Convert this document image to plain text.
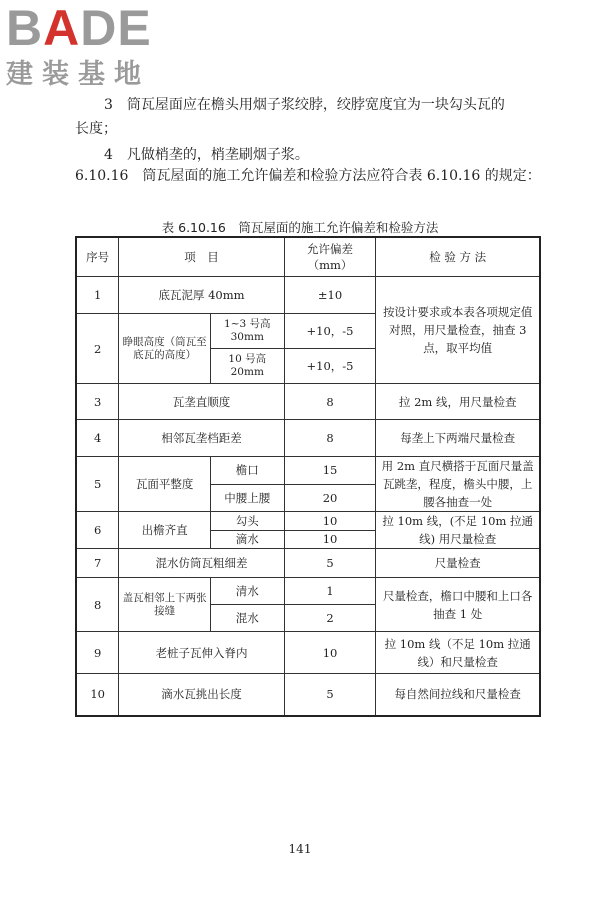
BADE
建装基地
3　筒瓦屋面应在檐头用烟子浆绞脖，绞脖宽度宜为一块勾头瓦的
长度；
4　凡做梢垄的，梢垄刷烟子浆。
6.10.16　筒瓦屋面的施工允许偏差和检验方法应符合表 6.10.16 的规定：
表 6.10.16　筒瓦屋面的施工允许偏差和检验方法
序号	项　目		允许偏差（mm）	检 验 方 法
1	底瓦泥厚 40mm		±10	按设计要求或本表各项规定值对照，用尺量检查，抽查 3 点，取平均值
2	睁眼高度（筒瓦至底瓦的高度）	1~3 号高 30mm	+10，-5	
		10 号高 20mm	+10，-5	
3	瓦垄直顺度		8	拉 2m 线，用尺量检查
4	相邻瓦垄档距差		8	每垄上下两端尺量检查
5	瓦面平整度	檐口	15	用 2m 直尺横搭于瓦面尺量盖瓦跳垄，程度，檐头中腰，上腰各抽查一处
		中腰上腰	20	
6	出檐齐直	勾头	10	拉 10m 线，(不足 10m 拉通线) 用尺量检查
		滴水	10	
7	混水仿筒瓦粗细差		5	尺量检查
8	盖瓦相邻上下两张接缝	清水	1	尺量检查，檐口中腰和上口各抽查 1 处
		混水	2	
9	老桩子瓦伸入脊内		10	拉 10m 线（不足 10m 拉通线）和尺量检查
10	滴水瓦挑出长度		5	每自然间拉线和尺量检查
141
